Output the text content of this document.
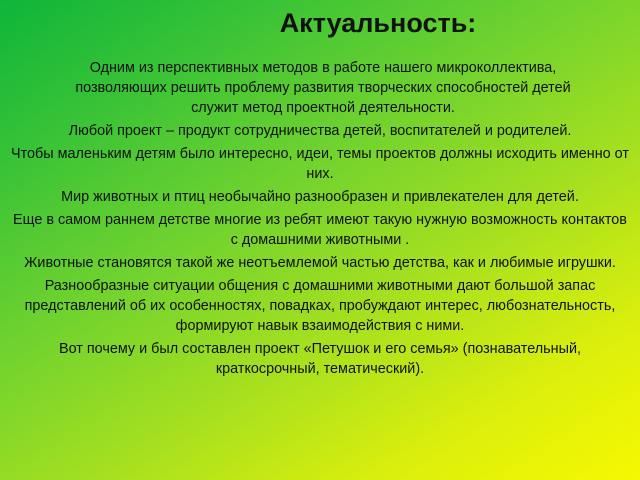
Актуальность:

Одним из перспективных методов в работе нашего микроколлектива, позволяющих решить проблему развития творческих способностей детей служит метод проектной деятельности.

Любой проект – продукт сотрудничества детей, воспитателей и родителей.

Чтобы маленьким детям было интересно, идеи, темы проектов должны исходить именно от них.

Мир животных и птиц необычайно разнообразен и привлекателен для детей.

Еще в самом раннем детстве многие из ребят имеют такую нужную возможность контактов с домашними животными .

Животные становятся такой же неотъемлемой частью детства, как и любимые игрушки.

Разнообразные ситуации общения с домашними животными дают большой запас представлений об их особенностях, повадках, пробуждают интерес, любознательность, формируют навык взаимодействия с ними.

Вот почему и был составлен проект «Петушок и его семья» (познавательный, краткосрочный, тематический).
